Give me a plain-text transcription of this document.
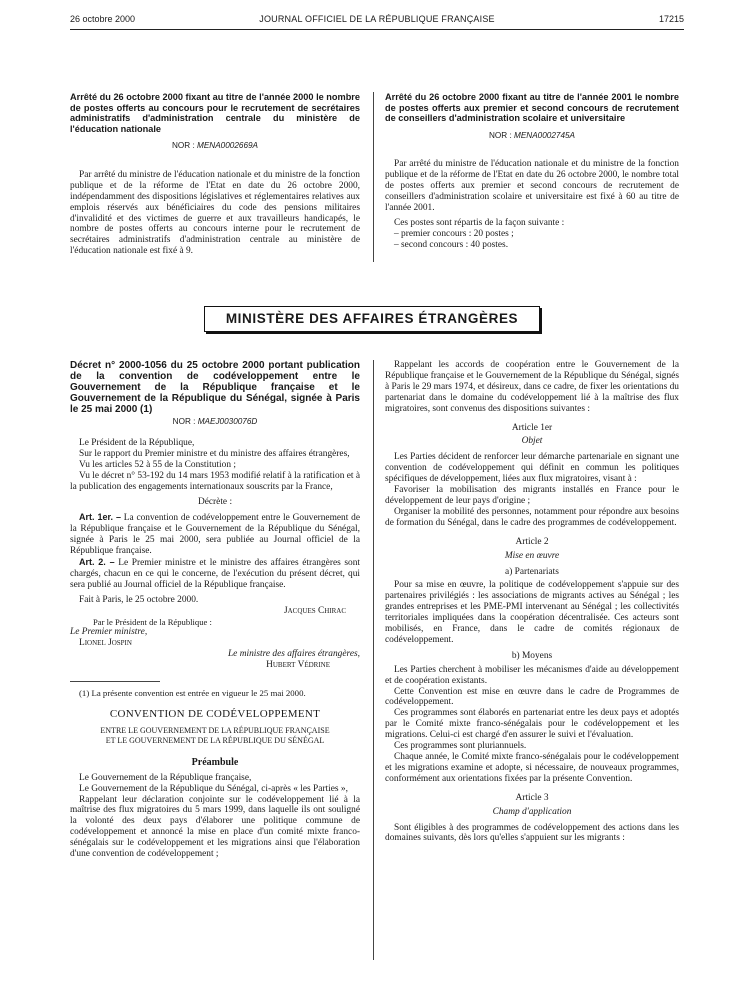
26 octobre 2000	JOURNAL OFFICIEL DE LA RÉPUBLIQUE FRANÇAISE	17215

Arrêté du 26 octobre 2000 fixant au titre de l'année 2000 le nombre de postes offerts au concours pour le recrutement de secrétaires administratifs d'administration centrale du ministère de l'éducation nationale

NOR : MENA0002669A

Par arrêté du ministre de l'éducation nationale et du ministre de la fonction publique et de la réforme de l'Etat en date du 26 octobre 2000, indépendamment des dispositions législatives et réglementaires relatives aux emplois réservés aux bénéficiaires du code des pensions militaires d'invalidité et des victimes de guerre et aux travailleurs handicapés, le nombre de postes offerts au concours interne pour le recrutement de secrétaires administratifs d'administration centrale au ministère de l'éducation nationale est fixé à 9.

Arrêté du 26 octobre 2000 fixant au titre de l'année 2001 le nombre de postes offerts aux premier et second concours de recrutement de conseillers d'administration scolaire et universitaire

NOR : MENA0002745A

Par arrêté du ministre de l'éducation nationale et du ministre de la fonction publique et de la réforme de l'Etat en date du 26 octobre 2000, le nombre total de postes offerts aux premier et second concours de recrutement de conseillers d'administration scolaire et universitaire est fixé à 60 au titre de l'année 2001.

Ces postes sont répartis de la façon suivante :

– premier concours : 20 postes ;

– second concours : 40 postes.

MINISTÈRE DES AFFAIRES ÉTRANGÈRES

Décret n° 2000-1056 du 25 octobre 2000 portant publication de la convention de codéveloppement entre le Gouvernement de la République française et le Gouvernement de la République du Sénégal, signée à Paris le 25 mai 2000 (1)

NOR : MAEJ0030076D

Le Président de la République,

Sur le rapport du Premier ministre et du ministre des affaires étrangères,

Vu les articles 52 à 55 de la Constitution ;

Vu le décret n° 53-192 du 14 mars 1953 modifié relatif à la ratification et à la publication des engagements internationaux souscrits par la France,

Décrète :

Art. 1er. – La convention de codéveloppement entre le Gouvernement de la République française et le Gouvernement de la République du Sénégal, signée à Paris le 25 mai 2000, sera publiée au Journal officiel de la République française.

Art. 2. – Le Premier ministre et le ministre des affaires étrangères sont chargés, chacun en ce qui le concerne, de l'exécution du présent décret, qui sera publié au Journal officiel de la République française.

Fait à Paris, le 25 octobre 2000.

Jacques Chirac

Par le Président de la République :

Le Premier ministre,

Lionel Jospin

Le ministre des affaires étrangères,

Hubert Védrine

(1) La présente convention est entrée en vigueur le 25 mai 2000.

CONVENTION DE CODÉVELOPPEMENT

ENTRE LE GOUVERNEMENT DE LA RÉPUBLIQUE FRANÇAISE
ET LE GOUVERNEMENT DE LA RÉPUBLIQUE DU SÉNÉGAL

Préambule

Le Gouvernement de la République française,

Le Gouvernement de la République du Sénégal, ci-après « les Parties »,

Rappelant leur déclaration conjointe sur le codéveloppement lié à la maîtrise des flux migratoires du 5 mars 1999, dans laquelle ils ont souligné la volonté des deux pays d'élaborer une politique commune de codéveloppement et annoncé la mise en place d'un comité mixte franco-sénégalais sur le codéveloppement et les migrations ainsi que l'élaboration d'une convention de codéveloppement ;

Rappelant les accords de coopération entre le Gouvernement de la République française et le Gouvernement de la République du Sénégal, signés à Paris le 29 mars 1974, et désireux, dans ce cadre, de fixer les orientations du partenariat dans le domaine du codéveloppement lié à la maîtrise des flux migratoires, sont convenus des dispositions suivantes :

Article 1er

Objet

Les Parties décident de renforcer leur démarche partenariale en signant une convention de codéveloppement qui définit en commun les politiques spécifiques de développement, liées aux flux migratoires, visant à :

Favoriser la mobilisation des migrants installés en France pour le développement de leur pays d'origine ;

Organiser la mobilité des personnes, notamment pour répondre aux besoins de formation du Sénégal, dans le cadre des programmes de codéveloppement.

Article 2

Mise en œuvre

a) Partenariats

Pour sa mise en œuvre, la politique de codéveloppement s'appuie sur des partenaires privilégiés : les associations de migrants actives au Sénégal ; les grandes entreprises et les PME-PMI intervenant au Sénégal ; les collectivités territoriales impliquées dans la coopération décentralisée. Ces acteurs sont mobilisés, en France, dans le cadre de comités régionaux de codéveloppement.

b) Moyens

Les Parties cherchent à mobiliser les mécanismes d'aide au développement et de coopération existants.

Cette Convention est mise en œuvre dans le cadre de Programmes de codéveloppement.

Ces programmes sont élaborés en partenariat entre les deux pays et adoptés par le Comité mixte franco-sénégalais pour le codéveloppement et les migrations. Celui-ci est chargé d'en assurer le suivi et l'évaluation.

Ces programmes sont pluriannuels.

Chaque année, le Comité mixte franco-sénégalais pour le codéveloppement et les migrations examine et adopte, si nécessaire, de nouveaux programmes, conformément aux orientations fixées par la présente Convention.

Article 3

Champ d'application

Sont éligibles à des programmes de codéveloppement des actions dans les domaines suivants, dès lors qu'elles s'appuient sur les migrants :
